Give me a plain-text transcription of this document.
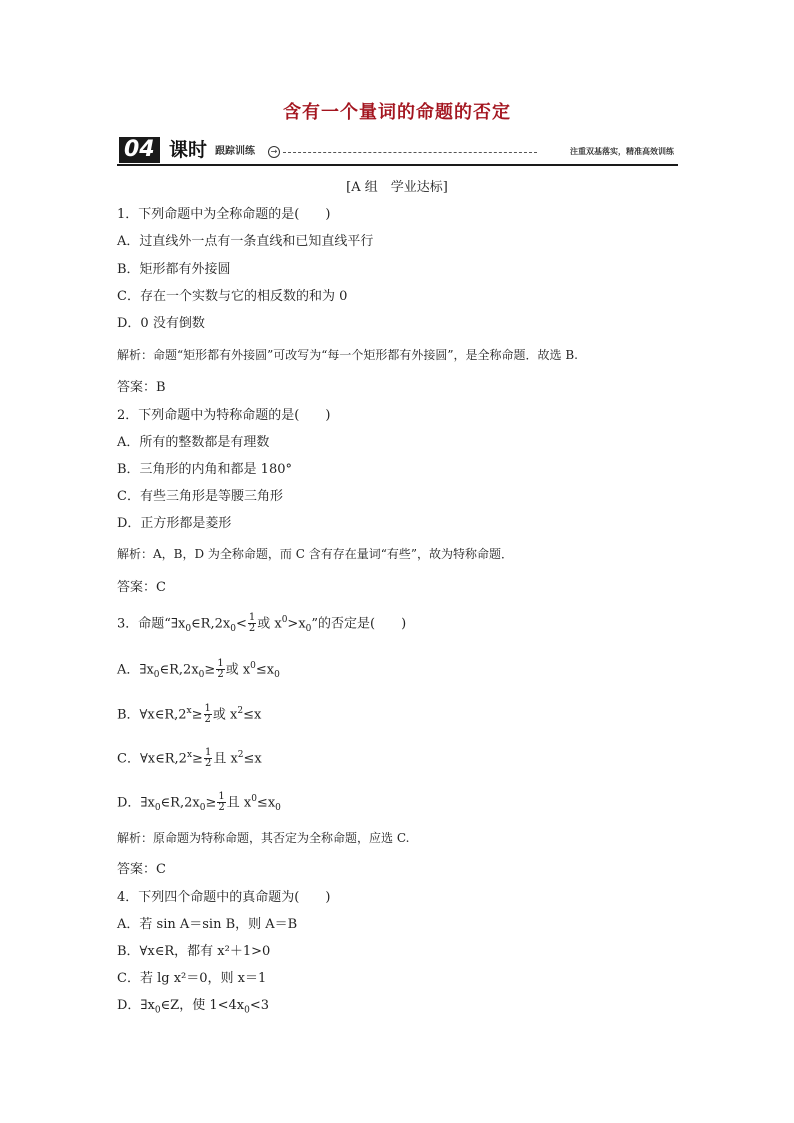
含有一个量词的命题的否定
04 课时 跟踪训练	→	注重双基落实，精准高效训练
[A 组　学业达标]
1．下列命题中为全称命题的是(　　)
A．过直线外一点有一条直线和已知直线平行
B．矩形都有外接圆
C．存在一个实数与它的相反数的和为 0
D．0 没有倒数
解析：命题“矩形都有外接圆”可改写为“每一个矩形都有外接圆”，是全称命题．故选 B.
答案：B
2．下列命题中为特称命题的是(　　)
A．所有的整数都是有理数
B．三角形的内角和都是 180°
C．有些三角形是等腰三角形
D．正方形都是菱形
解析：A，B，D 为全称命题，而 C 含有存在量词“有些”，故为特称命题．
答案：C
3．命题“$\exists x_0\in R,2x_0< \frac{1}{2}$ 或 $x^0>x_0$”的否定是(　　)
A．$\exists x_0\in R,2x_0\ge \frac{1}{2}$ 或 $x^0\le x_0$
B．$\forall x\in R,2^x\ge \frac{1}{2}$ 或 $x^2\le x$
C．$\forall x\in R,2^x\ge \frac{1}{2}$ 且 $x^2\le x$
D．$\exists x_0\in R,2x_0\ge \frac{1}{2}$ 且 $x^0\le x_0$
解析：原命题为特称命题，其否定为全称命题，应选 C.
答案：C
4．下列四个命题中的真命题为(　　)
A．若 sin A＝sin B，则 A＝B
B．∀x∈R，都有 x²＋1>0
C．若 lg x²＝0，则 x＝1
D．$\exists x_0\in Z$，使 $1<4x_0<3$
